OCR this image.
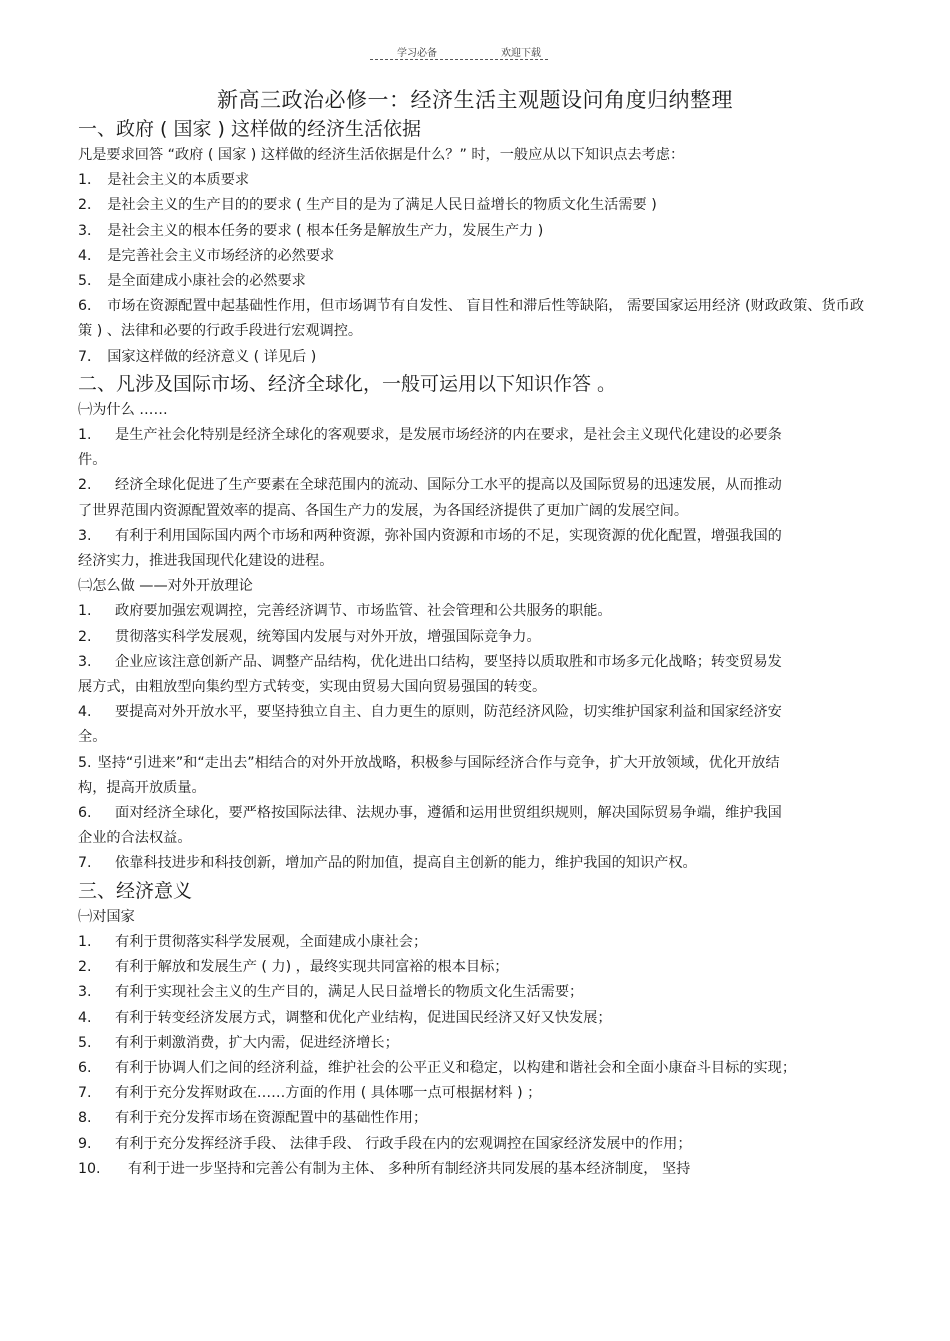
学习必备	欢迎下载
新高三政治必修一：经济生活主观题设问角度归纳整理

一、政府 ( 国家 ) 这样做的经济生活依据

凡是要求回答 “政府 ( 国家 ) 这样做的经济生活依据是什么？” 时，一般应从以下知识点去考虑：

1． 是社会主义的本质要求

2． 是社会主义的生产目的的要求 ( 生产目的是为了满足人民日益增长的物质文化生活需要 )

3． 是社会主义的根本任务的要求 ( 根本任务是解放生产力，发展生产力 )

4． 是完善社会主义市场经济的必然要求

5． 是全面建成小康社会的必然要求

6． 市场在资源配置中起基础性作用，但市场调节有自发性、 盲目性和滞后性等缺陷， 需要国家运用经济 (财政政策、货币政策 ) 、法律和必要的行政手段进行宏观调控。

7． 国家这样做的经济意义 ( 详见后 )

二、凡涉及国际市场、经济全球化，一般可运用以下知识作答 。

㈠为什么 ……

1. 是生产社会化特别是经济全球化的客观要求，是发展市场经济的内在要求，是社会主义现代化建设的必要条件。

2. 经济全球化促进了生产要素在全球范围内的流动、国际分工水平的提高以及国际贸易的迅速发展，从而推动了世界范围内资源配置效率的提高、各国生产力的发展，为各国经济提供了更加广阔的发展空间。

3. 有利于利用国际国内两个市场和两种资源，弥补国内资源和市场的不足，实现资源的优化配置，增强我国的经济实力，推进我国现代化建设的进程。

㈡怎么做 ——对外开放理论

1. 政府要加强宏观调控，完善经济调节、市场监管、社会管理和公共服务的职能。

2. 贯彻落实科学发展观，统筹国内发展与对外开放，增强国际竞争力。

3. 企业应该注意创新产品、调整产品结构，优化进出口结构，要坚持以质取胜和市场多元化战略；转变贸易发展方式，由粗放型向集约型方式转变，实现由贸易大国向贸易强国的转变。

4. 要提高对外开放水平，要坚持独立自主、自力更生的原则，防范经济风险，切实维护国家利益和国家经济安全。

5. 坚持“引进来”和“走出去”相结合的对外开放战略，积极参与国际经济合作与竞争，扩大开放领域，优化开放结构，提高开放质量。

6. 面对经济全球化，要严格按国际法律、法规办事，遵循和运用世贸组织规则，解决国际贸易争端，维护我国企业的合法权益。

7. 依靠科技进步和科技创新，增加产品的附加值，提高自主创新的能力，维护我国的知识产权。

三、经济意义

㈠对国家

1. 有利于贯彻落实科学发展观，全面建成小康社会；

2. 有利于解放和发展生产 ( 力) ，最终实现共同富裕的根本目标；

3. 有利于实现社会主义的生产目的，满足人民日益增长的物质文化生活需要；

4. 有利于转变经济发展方式，调整和优化产业结构，促进国民经济又好又快发展；

5. 有利于刺激消费，扩大内需，促进经济增长；

6. 有利于协调人们之间的经济利益，维护社会的公平正义和稳定，以构建和谐社会和全面小康奋斗目标的实现；

7. 有利于充分发挥财政在……方面的作用 ( 具体哪一点可根据材料 ) ；

8. 有利于充分发挥市场在资源配置中的基础性作用；

9. 有利于充分发挥经济手段、 法律手段、 行政手段在内的宏观调控在国家经济发展中的作用；

10. 有利于进一步坚持和完善公有制为主体、 多种所有制经济共同发展的基本经济制度， 坚持
